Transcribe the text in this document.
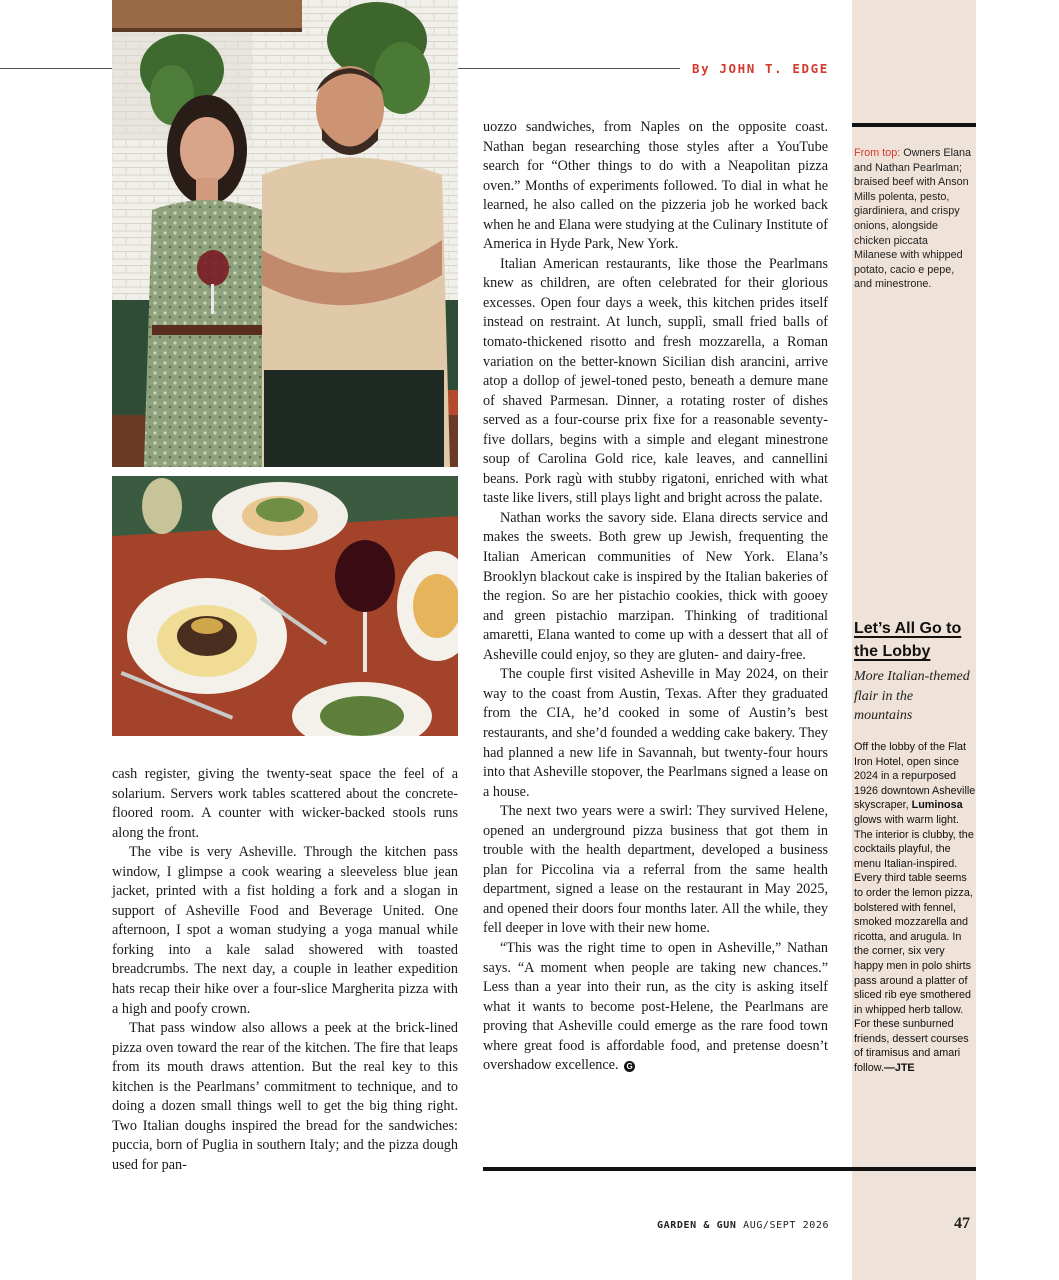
By JOHN T. EDGE

cash register, giving the twenty-seat space the feel of a solarium. Servers work tables scattered about the concrete-floored room. A counter with wicker-backed stools runs along the front.

The vibe is very Asheville. Through the kitchen pass window, I glimpse a cook wearing a sleeveless blue jean jacket, printed with a fist holding a fork and a slogan in support of Asheville Food and Beverage United. One afternoon, I spot a woman studying a yoga manual while forking into a kale salad showered with toasted breadcrumbs. The next day, a couple in leather expedition hats recap their hike over a four-slice Margherita pizza with a high and poofy crown.

That pass window also allows a peek at the brick-lined pizza oven toward the rear of the kitchen. The fire that leaps from its mouth draws attention. But the real key to this kitchen is the Pearlmans’ commitment to technique, and to doing a dozen small things well to get the big thing right. Two Italian doughs inspired the bread for the sandwiches: puccia, born of Puglia in southern Italy; and the pizza dough used for pan-

uozzo sandwiches, from Naples on the opposite coast. Nathan began researching those styles after a YouTube search for “Other things to do with a Neapolitan pizza oven.” Months of experiments followed. To dial in what he learned, he also called on the pizzeria job he worked back when he and Elana were studying at the Culinary Institute of America in Hyde Park, New York.

Italian American restaurants, like those the Pearlmans knew as children, are often celebrated for their glorious excesses. Open four days a week, this kitchen prides itself instead on restraint. At lunch, supplì, small fried balls of tomato-thickened risotto and fresh mozzarella, a Roman variation on the better-known Sicilian dish arancini, arrive atop a dollop of jewel-toned pesto, beneath a demure mane of shaved Parmesan. Dinner, a rotating roster of dishes served as a four-course prix fixe for a reasonable seventy-five dollars, begins with a simple and elegant minestrone soup of Carolina Gold rice, kale leaves, and cannellini beans. Pork ragù with stubby rigatoni, enriched with what taste like livers, still plays light and bright across the palate.

Nathan works the savory side. Elana directs service and makes the sweets. Both grew up Jewish, frequenting the Italian American communities of New York. Elana’s Brooklyn blackout cake is inspired by the Italian bakeries of the region. So are her pistachio cookies, thick with gooey and green pistachio marzipan. Thinking of traditional amaretti, Elana wanted to come up with a dessert that all of Asheville could enjoy, so they are gluten- and dairy-free.

The couple first visited Asheville in May 2024, on their way to the coast from Austin, Texas. After they graduated from the CIA, he’d cooked in some of Austin’s best restaurants, and she’d founded a wedding cake bakery. They had planned a new life in Savannah, but twenty-four hours into that Asheville stopover, the Pearlmans signed a lease on a house.

The next two years were a swirl: They survived Helene, opened an underground pizza business that got them in trouble with the health department, developed a business plan for Piccolina via a referral from the same health department, signed a lease on the restaurant in May 2025, and opened their doors four months later. All the while, they fell deeper in love with their new home.

“This was the right time to open in Asheville,” Nathan says. “A moment when people are taking new chances.” Less than a year into their run, as the city is asking itself what it wants to become post-Helene, the Pearlmans are proving that Asheville could emerge as the rare food town where great food is affordable food, and pretense doesn’t overshadow excellence. G

From top: Owners Elana and Nathan Pearlman; braised beef with Anson Mills polenta, pesto, giardiniera, and crispy onions, alongside chicken piccata Milanese with whipped potato, cacio e pepe, and minestrone.
Let’s All Go to the Lobby
More Italian-themed flair in the mountains
Off the lobby of the Flat Iron Hotel, open since 2024 in a repurposed 1926 downtown Asheville skyscraper, Luminosa glows with warm light. The interior is clubby, the cocktails playful, the menu Italian-inspired. Every third table seems to order the lemon pizza, bolstered with fennel, smoked mozzarella and ricotta, and arugula. In the corner, six very happy men in polo shirts pass around a platter of sliced rib eye smothered in whipped herb tallow. For these sunburned friends, dessert courses of tiramisus and amari follow.—JTE
GARDEN & GUN AUG/SEPT 2026	47
